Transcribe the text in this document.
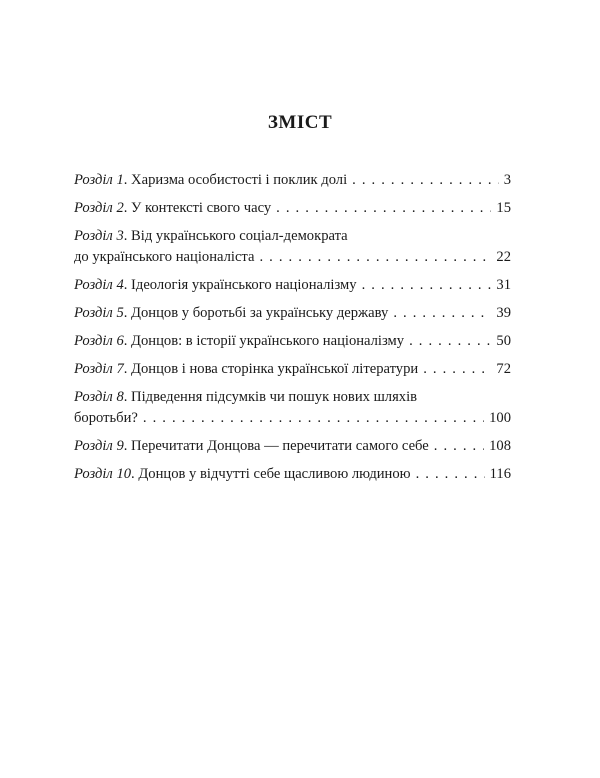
ЗМІСТ
Розділ 1 . Харизма особистості і поклик долі . . .	3
Розділ 2 . У контексті свого часу . . .	15
Розділ 3 . Від українського соціал-демократа
до українського націоналіста . . .	22
Розділ 4 . Ідеологія українського націоналізму . . .	31
Розділ 5 . Донцов у боротьбі за українську державу . . .	39
Розділ 6 . Донцов: в історії українського націоналізму . . .	50
Розділ 7 . Донцов і нова сторінка української літератури . . .	72
Розділ 8 . Підведення підсумків чи пошук нових шляхів
боротьби? . . .	100
Розділ 9 . Перечитати Донцова — перечитати самого себе . . .	108
Розділ 10 . Донцов у відчутті себе щасливою людиною . . .	116
